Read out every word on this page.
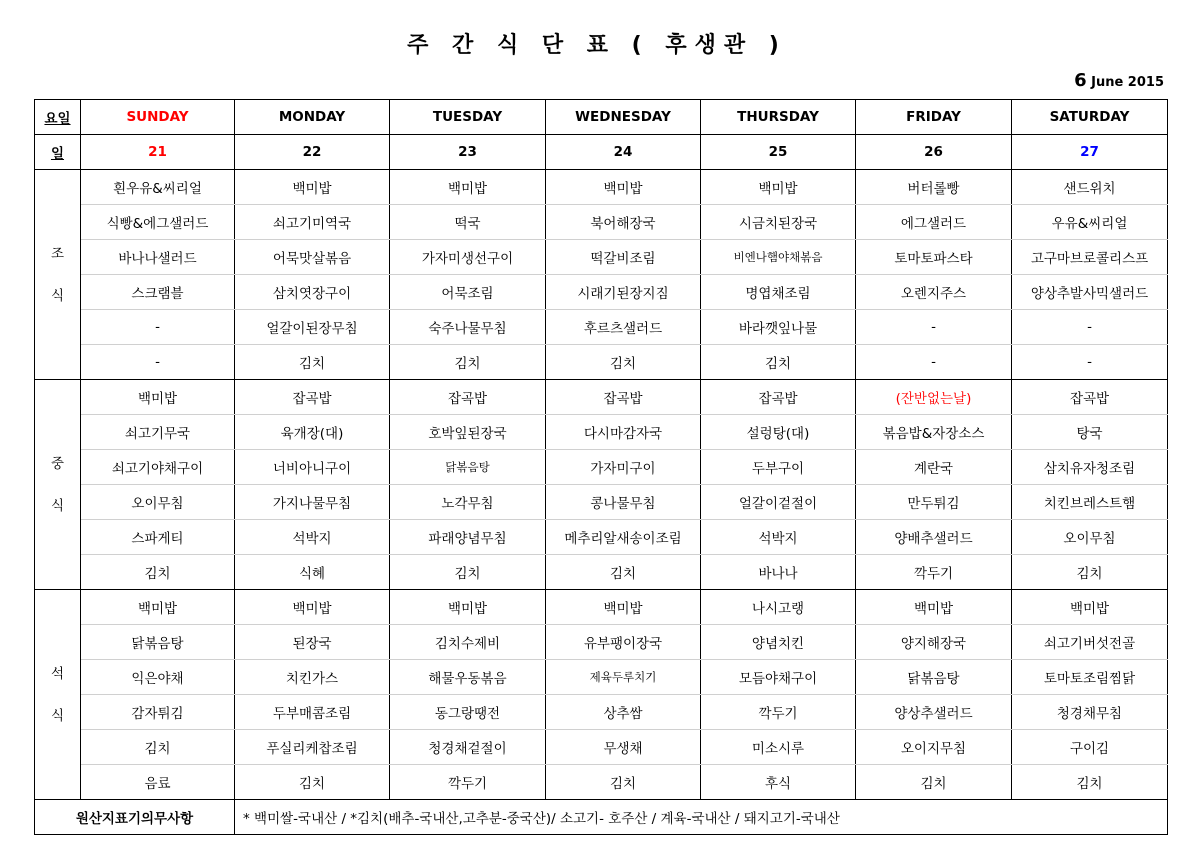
주 간 식 단 표 ( 후생관 )
6 June 2015
요일	SUNDAY	MONDAY	TUESDAY	WEDNESDAY	THURSDAY	FRIDAY	SATURDAY
일	21	22	23	24	25	26	27

조
식	흰우유&씨리얼	백미밥	백미밥	백미밥	백미밥	버터롤빵	샌드위치
	식빵&에그샐러드	쇠고기미역국	떡국	북어해장국	시금치된장국	에그샐러드	우유&씨리얼
	바나나샐러드	어묵맛살볶음	가자미생선구이	떡갈비조림	비엔나햄야채볶음	토마토파스타	고구마브로콜리스프
	스크램블	삼치엿장구이	어묵조림	시래기된장지짐	명엽채조림	오렌지주스	양상추발사믹샐러드
	-	얼갈이된장무침	숙주나물무침	후르츠샐러드	바라깻잎나물	-	-
	-	김치	김치	김치	김치	-	-

중
식	백미밥	잡곡밥	잡곡밥	잡곡밥	잡곡밥	(잔반없는날)	잡곡밥
	쇠고기무국	육개장(대)	호박잎된장국	다시마감자국	설렁탕(대)	볶음밥&자장소스	탕국
	쇠고기야채구이	너비아니구이	닭볶음탕	가자미구이	두부구이	계란국	삼치유자청조림
	오이무침	가지나물무침	노각무침	콩나물무침	얼갈이겉절이	만두튀김	치킨브레스트햄
	스파게티	석박지	파래양념무침	메추리알새송이조림	석박지	양배추샐러드	오이무침
	김치	식혜	김치	김치	바나나	깍두기	김치

석
식	백미밥	백미밥	백미밥	백미밥	나시고랭	백미밥	백미밥
	닭볶음탕	된장국	김치수제비	유부팽이장국	양념치킨	양지해장국	쇠고기버섯전골
	익은야채	치킨가스	해물우동볶음	제육두루치기	모듬야채구이	닭볶음탕	토마토조림찜닭
	감자튀김	두부매콤조림	동그랑땡전	상추쌈	깍두기	양상추샐러드	청경채무침
	김치	푸실리케찹조림	청경채겉절이	무생채	미소시루	오이지무침	구이김
	음료	김치	깍두기	김치	후식	김치	김치
원산지표기의무사항		* 백미쌀-국내산 / *김치(배추-국내산,고추분-중국산)/ 소고기- 호주산 / 계육-국내산 / 돼지고기-국내산					
